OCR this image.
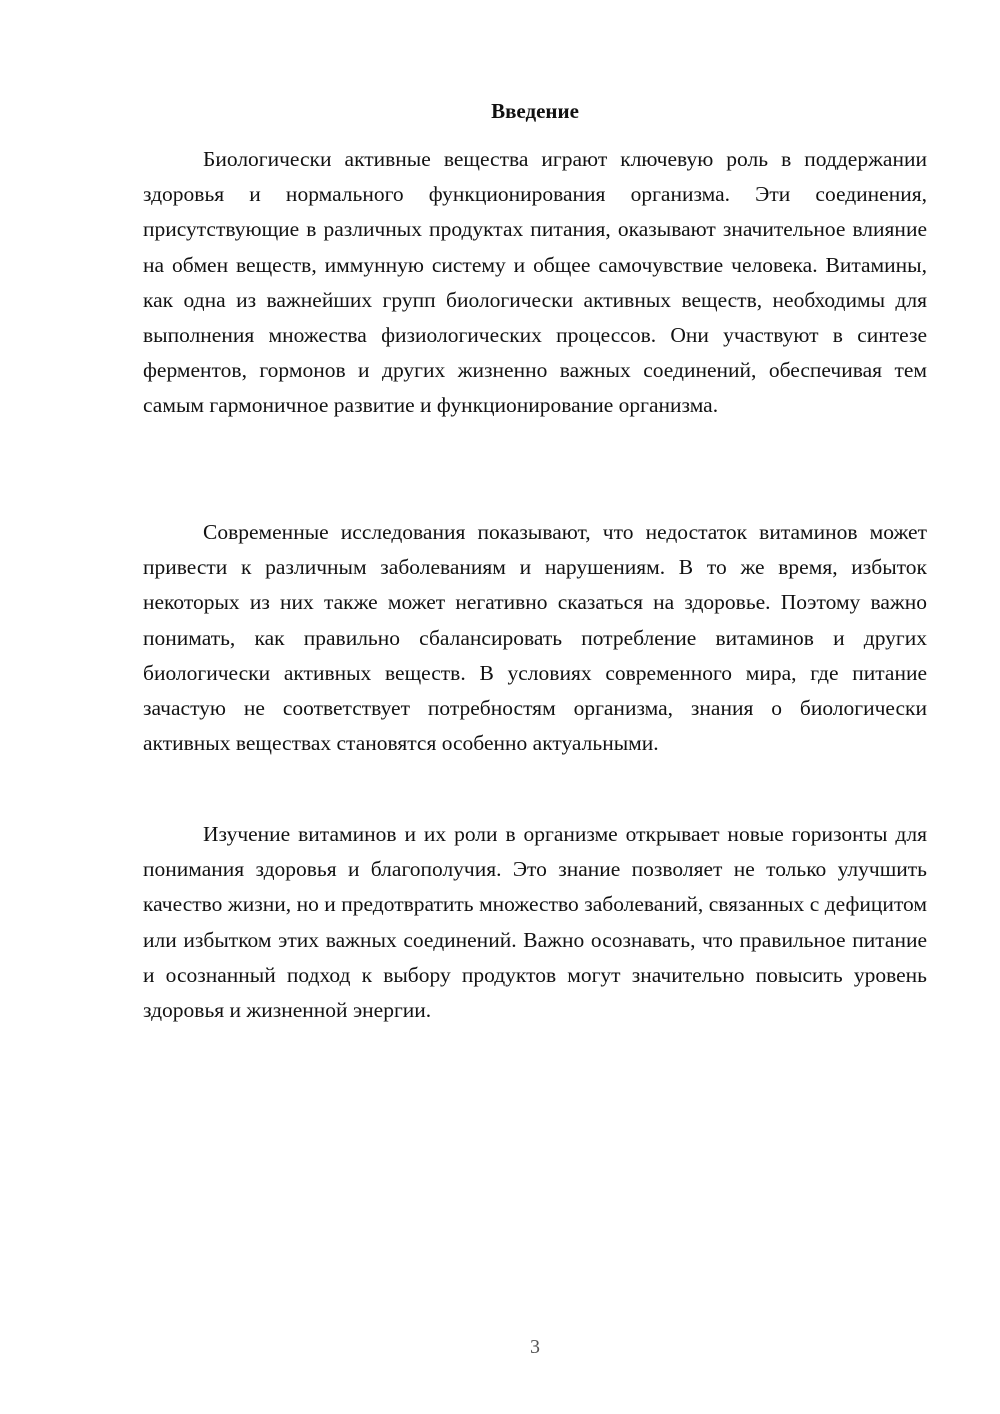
Введение

Биологически активные вещества играют ключевую роль в поддержании здоровья и нормального функционирования организма. Эти соединения, присутствующие в различных продуктах питания, оказывают значительное влияние на обмен веществ, иммунную систему и общее самочувствие человека. Витамины, как одна из важнейших групп биологически активных веществ, необходимы для выполнения множества физиологических процессов. Они участвуют в синтезе ферментов, гормонов и других жизненно важных соединений, обеспечивая тем самым гармоничное развитие и функционирование организма.

Современные исследования показывают, что недостаток витаминов может привести к различным заболеваниям и нарушениям. В то же время, избыток некоторых из них также может негативно сказаться на здоровье. Поэтому важно понимать, как правильно сбалансировать потребление витаминов и других биологически активных веществ. В условиях современного мира, где питание зачастую не соответствует потребностям организма, знания о биологически активных веществах становятся особенно актуальными.

Изучение витаминов и их роли в организме открывает новые горизонты для понимания здоровья и благополучия. Это знание позволяет не только улучшить качество жизни, но и предотвратить множество заболеваний, связанных с дефицитом или избытком этих важных соединений. Важно осознавать, что правильное питание и осознанный подход к выбору продуктов могут значительно повысить уровень здоровья и жизненной энергии.

3
